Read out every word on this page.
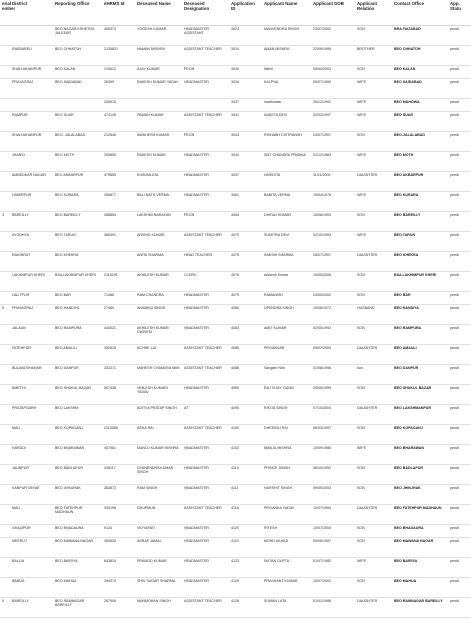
erial
ember	District	Reporting Office	eHRMS Id	Deceased Name	Deceased Designation	Application ID	Applicant Name	Applicant DOB	Applicant Relation	Contact Office	App. Statu
		BEO NAGAR KSHETRA JALESAR	408373	YOGESH KUMAR	HEADMASTER ASSISTANT	3023	MANVENDRA SINGH	23/07/2002	SON	BRA FAIZABAD	pendi
	RAEBARELI	BEO CHHATOH	2135821	NAMAN MISHRA	ASSISTANT TEACHER	3024	AMAN MISHRA	22/09/1999	BROTHER	BEO CHHATOH	pendi
	SHAHJAHANPUR	BEO KALAN	219512	AJAY KUMAR	PEON	3030	Nikhil	05/04/2003	SON	BEO KALAN	pendi
	PRAYAGRAJ	BEO SAIDABAD	26399	RAKESH KUMAR YADAV	HEADMASTER	3034	KALPNA	09/07/1990	WIFE	BEO SAIDABAD	pendi
			345915			3037	madhulata	05/12/1992	WIFE	BEO MAHOWA	pendi
	RAMPUR	BEO SUAR	474135	PAWAN KUMAR	ASSISTANT TEACHER	3041	ANEETA DEVI	02/03/1997	WIFE	BEO SUAR	pendi
	SHAHJAHANPUR	BEO- JALALABAD	212846	AWDHESH KUMAR	PEON	3043	RISHABH CHITRANSH	24/07/1997	SON	BEO-JALALABAD	pendi
	JHANSI	BEO MOTH	309855	RAKESH KUMAR	HEADMASTER	3044	SMT CHANDRA PRABHA	01/12/1983	WIFE	BEO MOTH	pendi
	AMBEDKAR NAGAR	BEO AKBARPUR	479855	KUSUMLATA	HEADMASTER	3047	NIVEDITA	11/11/2000	DAUGHTER	BEO AKBARPUR	pendi
	HAMIRPUR	BEO KURARA	306877	BALI NATH VERMA	HEADMASTER	3061	BABITA VERMA	15/04/1978	WIFE	BEO KURARA	pendi
3	BAREILLY	BEO BAREILLY	288854	LAKSHMI NARAYAN	PEON	4064	DHIRAJ KUMAR	15/08/1993	SON	BEO BAREILLY	pendi
	AYODHYA	BEO TARUN	485491	ARVIND KUMAR	ASSISTANT TEACHER	4070	SUMITRA DEVI	02/10/1993	WIFE	BEO TARUN	pendi
	RAIGHRAT	BEO KHEKRA		ANITA SHARMA	HEAD TEACHER	4075	SAKSHI SHARMA	28/07/1997	DAUGHTER	BEO KHEKRA	pendi
	LAKHIMPUR KHERI	BSA LAKHIMPUR KHERI	2115291	AKHILESH KUMAR	CLERK	4078	Anikesh Kumar	10/05/2005	SON	BSA LAKHIMPUR KHERI	pendi
	LALITPUR	BEO BAR	71488	RAM CHANDRA	HEADMASTER	4079	RAMANISH	24/05/2002	SON	BEO BAR	pendi
5	PRAYAGRAJ	BEO HANDIYA	27460	ANAMIKA SINGH	HEADMASTER	4080	UPENDRA SINGH	15/06/1972	HUSBAND	BEO HANDIYA	pendi
	JALAUN	BEO RAMPURA	440021	AKHILESH KUMAR DWIVEDI	HEADMASTER	4083	AMIT KUMAR	02/05/1992	SON	BEO RAMPURA	pendi
	FATEHPUR	BEO AMAULI	352815	ACHHE LAL	ASSISTANT TEACHER	4085	PRIYANSAR	09/07/2004	DAUGHTER	BEO AMAULI	pendi
	BULANDSHAHAR	BEO DANPUR	332371	MAHESH CHANDRA NIMI	ASSISTANT TEACHER	4088	Sangam Nim	01/08/1998	son	BEO DANPUR	pendi
	AMETHI	BEO SHUKUL BAZAR	507438	VIMLESH KUMARI YADAV	HEADMASTER	4090	RAJ VIJAY YADAV	29/05/1999	SON	BEO SHUKUL BAZAR	pendi
	PRATAPGARH	BEO LAKSHM		ADITYA PRATAP SINGH	AT	4095	RIKITA SINGH	07/10/2004	DAUGHTER	BEO LAKSHMANPUR	pendi
	MAU	BEO KOPAGANJ	2113085	ASHA RAI	ASSISTANT TEACHER	4100	DHEERAJ RAI	06/03/1997	SON	BEO KOPAGANJ	pendi
	HARDOI	BEO BHARAWAN	457061	MANOJ KUMAR MISHRA	HEADMASTER	4102	MANJU MISHRA	10/09/1986	WIFE	BEO BHARAWAN	pendi
	JAUNPUR	BEO BADLAPUR	348117	GYANENDRA KUMAR SINGH	HEADMASTER	4110	PRINCE SINGH	06/10/1992	SON	BEO BADLAPUR	pendi
	KANPUR DEHAT	BEO JHINJHAK	263872	RAM SINGH	HEADMASTER	4111	HARSHIT SINGH	09/09/2003	SON	BEO JHINJHAK	pendi
	MAU	BEO FATEHPUR MADHAUN	330196	DHUPMUN	ASSISTANT TEACHER	4118	PRIYANKA YADAV	12/07/1994	DAUGHTER	BEO FATEHPUR MADHAUN	pendi
	GHAZIPUR	BEO BHADAURA	9124	VIDYAPATI	HEADMASTER	4120	RITESH	10/07/2005	SON	BEO BHADAURA	pendi
	MEERUT	BEO MAWANA NAGAR	350635	ASRAF JAMAL	HEADMASTER	4121	MOHD AAHAD	09/08/1997	SON	BEO MAWANA NAGAR	pendi
	BALLIA	BEO BAIRIYA	643815	PRAMOD KUMAR	HEADMASTER	4123	NUTAN GUPTA	01/07/1982	WIFE	BEO BAIRIYA	pendi
	BANDA	BEO MAHUA	394374	SHIV SAGAR SHARMA	HEADMASTER	4125	PRASHANT KUMAR	15/07/2002	SON	BEO MAHUA	pendi
0	BAREILLY	BEO RAMNAGAR BAREILLY	267906	MANMOHAN SINGH	ASSISTANT TEACHER	4126	SUMAN LATA	01/01/1998	DAUGHTER	BEO RAMNAGAR BAREILLY	pendi
